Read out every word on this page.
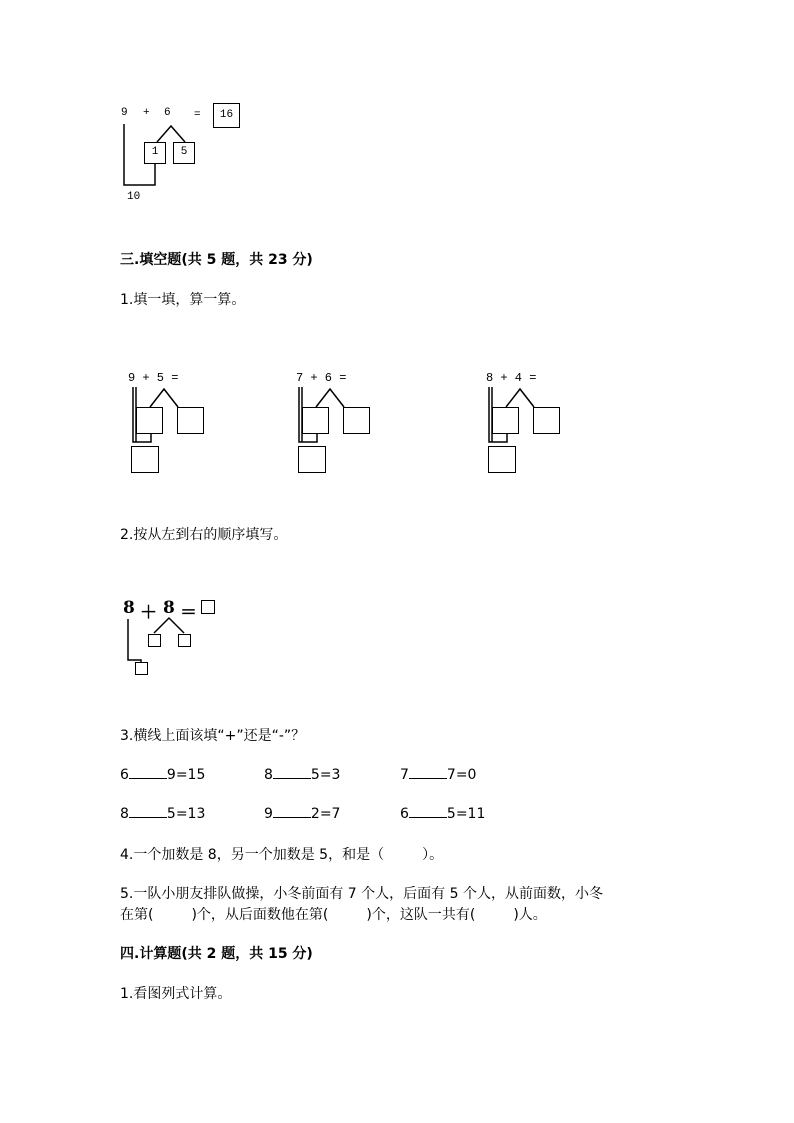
9 + 6 =	16
1	5
10
三.填空题(共 5 题，共 23 分)
1.填一填，算一算。
9 + 5 =	7 + 6 =	8 + 4 =
2.按从左到右的顺序填写。
8 ＋ 8 ＝
3.横线上面该填“+”还是“-”？
6	9=15	8	5=3	7	7=0
8	5=13	9	2=7	6	5=11
4.一个加数是 8，另一个加数是 5，和是（	）。
5.一队小朋友排队做操，小冬前面有 7 个人，后面有 5 个人，从前面数，小冬
在第(	)个，从后面数他在第(	)个，这队一共有(	)人。
四.计算题(共 2 题，共 15 分)
1.看图列式计算。
